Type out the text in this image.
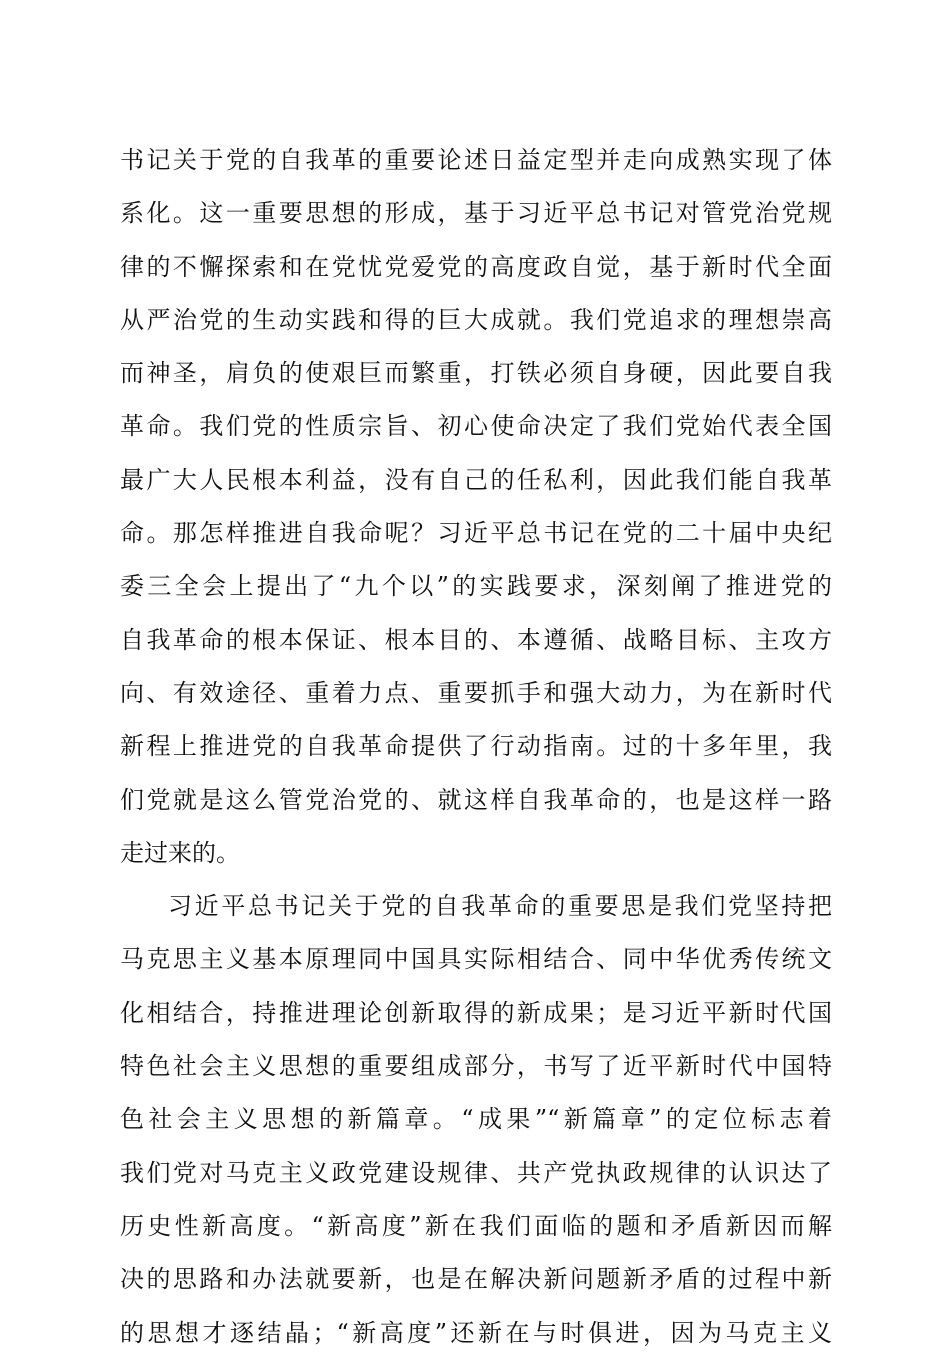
书记关于党的自我革的重要论述日益定型并走向成熟实现了体
系化。这一重要思想的形成，基于习近平总书记对管党治党规
律的不懈探索和在党忧党爱党的高度政自觉，基于新时代全面
从严治党的生动实践和得的巨大成就。我们党追求的理想崇高
而神圣，肩负的使艰巨而繁重，打铁必须自身硬，因此要自我
革命。我们党的性质宗旨、初心使命决定了我们党始代表全国
最广大人民根本利益，没有自己的任私利，因此我们能自我革
命。那怎样推进自我命呢？习近平总书记在党的二十届中央纪
委三全会上提出了“九个以”的实践要求，深刻阐了推进党的
自我革命的根本保证、根本目的、本遵循、战略目标、主攻方
向、有效途径、重着力点、重要抓手和强大动力，为在新时代
新程上推进党的自我革命提供了行动指南。过的十多年里，我
们党就是这么管党治党的、就这样自我革命的，也是这样一路
走过来的。
习近平总书记关于党的自我革命的重要思是我们党坚持把
马克思主义基本原理同中国具实际相结合、同中华优秀传统文
化相结合，持推进理论创新取得的新成果；是习近平新时代国
特色社会主义思想的重要组成部分，书写了近平新时代中国特
色社会主义思想的新篇章。“成果”“新篇章”的定位标志着
我们党对马克主义政党建设规律、共产党执政规律的认识达了
历史性新高度。“新高度”新在我们面临的题和矛盾新因而解
决的思路和办法就要新，也是在解决新问题新矛盾的过程中新
的思想才逐结晶；“新高度”还新在与时俱进，因为马克主义
